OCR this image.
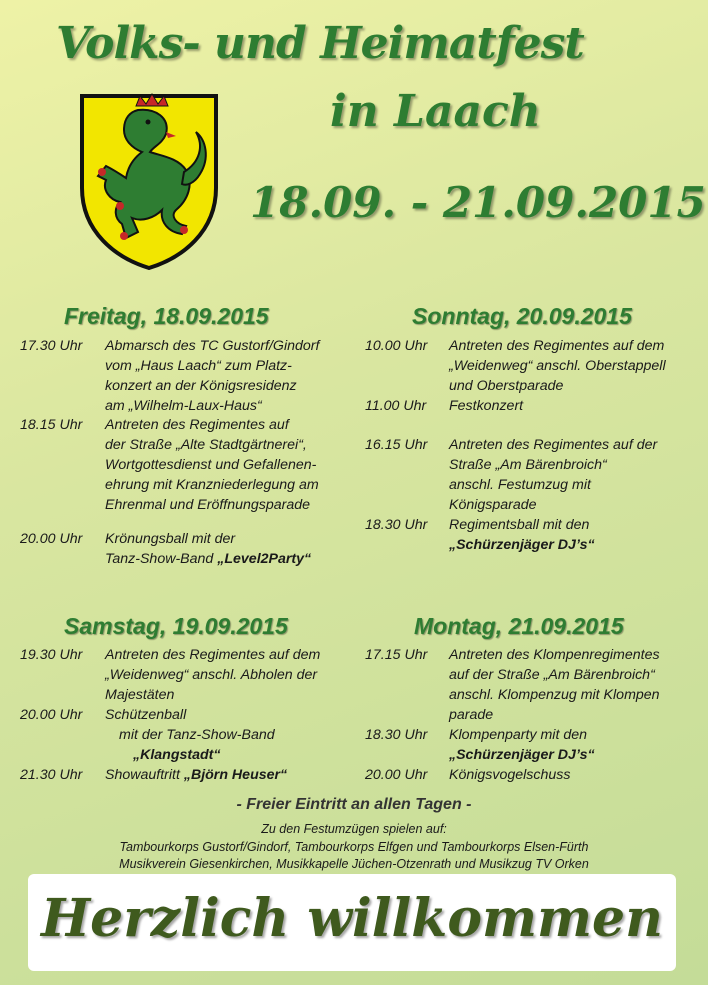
Volks- und Heimatfest
in Laach
18.09. - 21.09.2015
Freitag, 18.09.2015
17.30 Uhr Abmarsch des TC Gustorf/Gindorf
vom „Haus Laach“ zum Platz-
konzert an der Königsresidenz
am „Wilhelm-Laux-Haus“
18.15 Uhr Antreten des Regimentes auf
der Straße „Alte Stadtgärtnerei“,
Wortgottesdienst und Gefallenen-
ehrung mit Kranzniederlegung am
Ehrenmal und Eröffnungsparade
20.00 Uhr Krönungsball mit der
Tanz-Show-Band „Level2Party“
Samstag, 19.09.2015
19.30 Uhr Antreten des Regimentes auf dem
„Weidenweg“ anschl. Abholen der
Majestäten
20.00 Uhr Schützenball
mit der Tanz-Show-Band
„Klangstadt“
21.30 Uhr Showauftritt „Björn Heuser“
Sonntag, 20.09.2015
10.00 Uhr Antreten des Regimentes auf dem
„Weidenweg“ anschl. Oberstappell
und Oberstparade
11.00 Uhr Festkonzert
16.15 Uhr Antreten des Regimentes auf der
Straße „Am Bärenbroich“
anschl. Festumzug mit
Königsparade
18.30 Uhr Regimentsball mit den
„Schürzenjäger DJ’s“
Montag, 21.09.2015
17.15 Uhr Antreten des Klompenregimentes
auf der Straße „Am Bärenbroich“
anschl. Klompenzug mit Klompen
parade
18.30 Uhr Klompenparty mit den
„Schürzenjäger DJ’s“
20.00 Uhr Königsvogelschuss
- Freier Eintritt an allen Tagen -
Zu den Festumzügen spielen auf:
Tambourkorps Gustorf/Gindorf, Tambourkorps Elfgen und Tambourkorps Elsen-Fürth
Musikverein Giesenkirchen, Musikkapelle Jüchen-Otzenrath und Musikzug TV Orken
Herzlich willkommen
